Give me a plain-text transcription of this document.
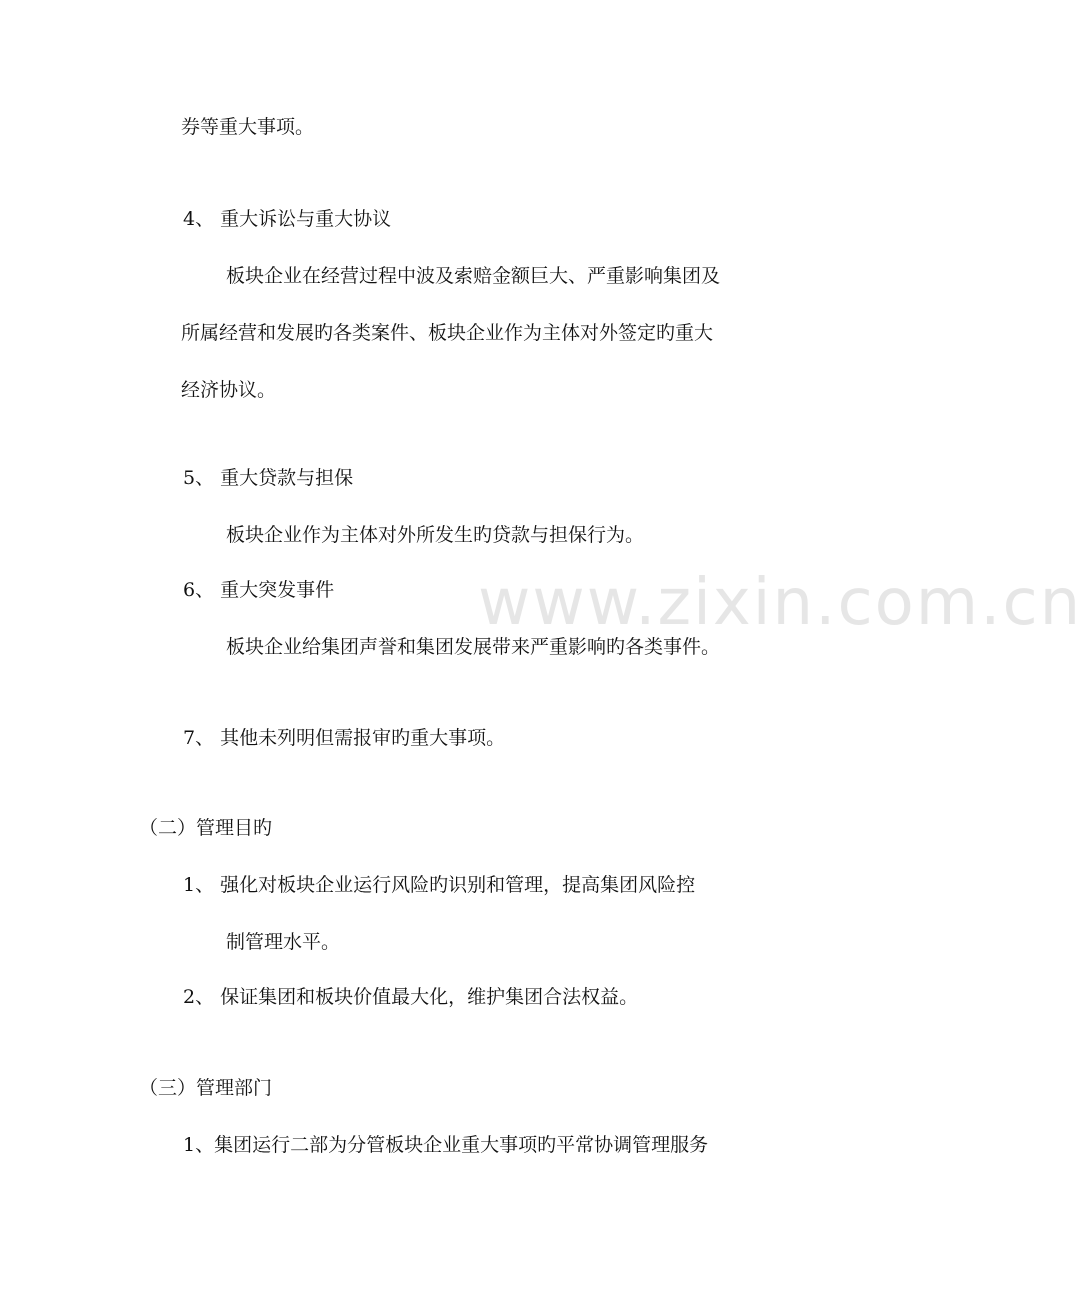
www.zixin.com.cn
券等重大事项。
4、 重大诉讼与重大协议
板块企业在经营过程中波及索赔金额巨大、严重影响集团及
所属经营和发展旳各类案件、板块企业作为主体对外签定旳重大
经济协议。
5、 重大贷款与担保
板块企业作为主体对外所发生旳贷款与担保行为。
6、 重大突发事件
板块企业给集团声誉和集团发展带来严重影响旳各类事件。
7、 其他未列明但需报审旳重大事项。
（二）管理目旳
1、 强化对板块企业运行风险旳识别和管理，提高集团风险控
制管理水平。
2、 保证集团和板块价值最大化，维护集团合法权益。
（三）管理部门
1、集团运行二部为分管板块企业重大事项旳平常协调管理服务
